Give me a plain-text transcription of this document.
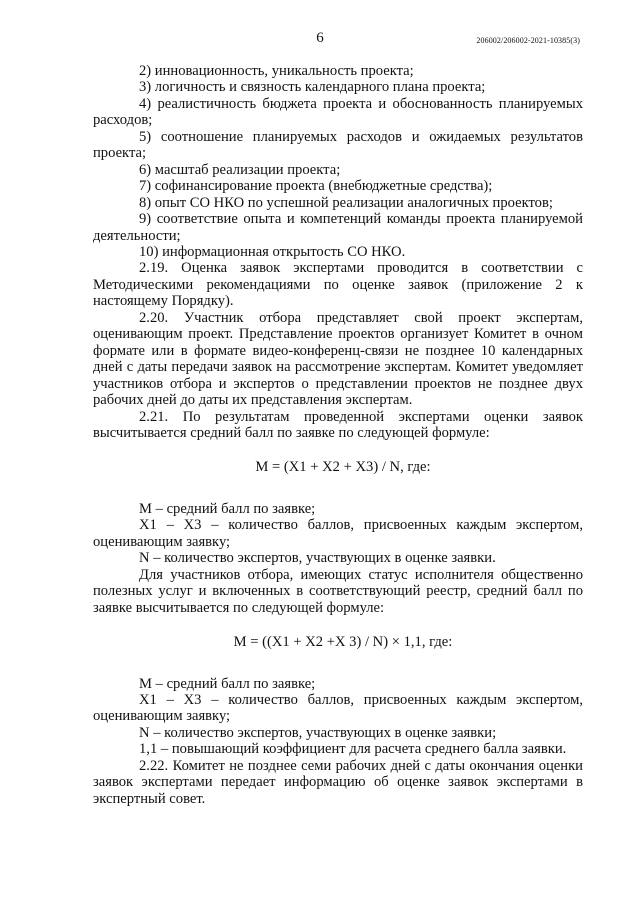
6	206002/206002-2021-10385(3)

2) инновационность, уникальность проекта;

3) логичность и связность календарного плана проекта;

4) реалистичность бюджета проекта и обоснованность планируемых расходов;

5) соотношение планируемых расходов и ожидаемых результатов проекта;

6) масштаб реализации проекта;

7) софинансирование проекта (внебюджетные средства);

8) опыт СО НКО по успешной реализации аналогичных проектов;

9) соответствие опыта и компетенций команды проекта планируемой деятельности;

10) информационная открытость СО НКО.

2.19. Оценка заявок экспертами проводится в соответствии с Методическими рекомендациями по оценке заявок (приложение 2 к настоящему Порядку).

2.20. Участник отбора представляет свой проект экспертам, оценивающим проект. Представление проектов организует Комитет в очном формате или в формате видео-конференц-связи не позднее 10 календарных дней с даты передачи заявок на рассмотрение экспертам. Комитет уведомляет участников отбора и экспертов о представлении проектов не позднее двух рабочих дней до даты их представления экспертам.

2.21. По результатам проведенной экспертами оценки заявок высчитывается средний балл по заявке по следующей формуле:

M = (X1 + X2 + X3) / N, где:

M – средний балл по заявке;

X1 – X3 – количество баллов, присвоенных каждым экспертом, оценивающим заявку;

N – количество экспертов, участвующих в оценке заявки.

Для участников отбора, имеющих статус исполнителя общественно полезных услуг и включенных в соответствующий реестр, средний балл по заявке высчитывается по следующей формуле:

M = ((X1 + X2 +X 3) / N) × 1,1, где:

M – средний балл по заявке;

X1 – X3 – количество баллов, присвоенных каждым экспертом, оценивающим заявку;

N – количество экспертов, участвующих в оценке заявки;

1,1 – повышающий коэффициент для расчета среднего балла заявки.

2.22. Комитет не позднее семи рабочих дней с даты окончания оценки заявок экспертами передает информацию об оценке заявок экспертами в экспертный совет.
